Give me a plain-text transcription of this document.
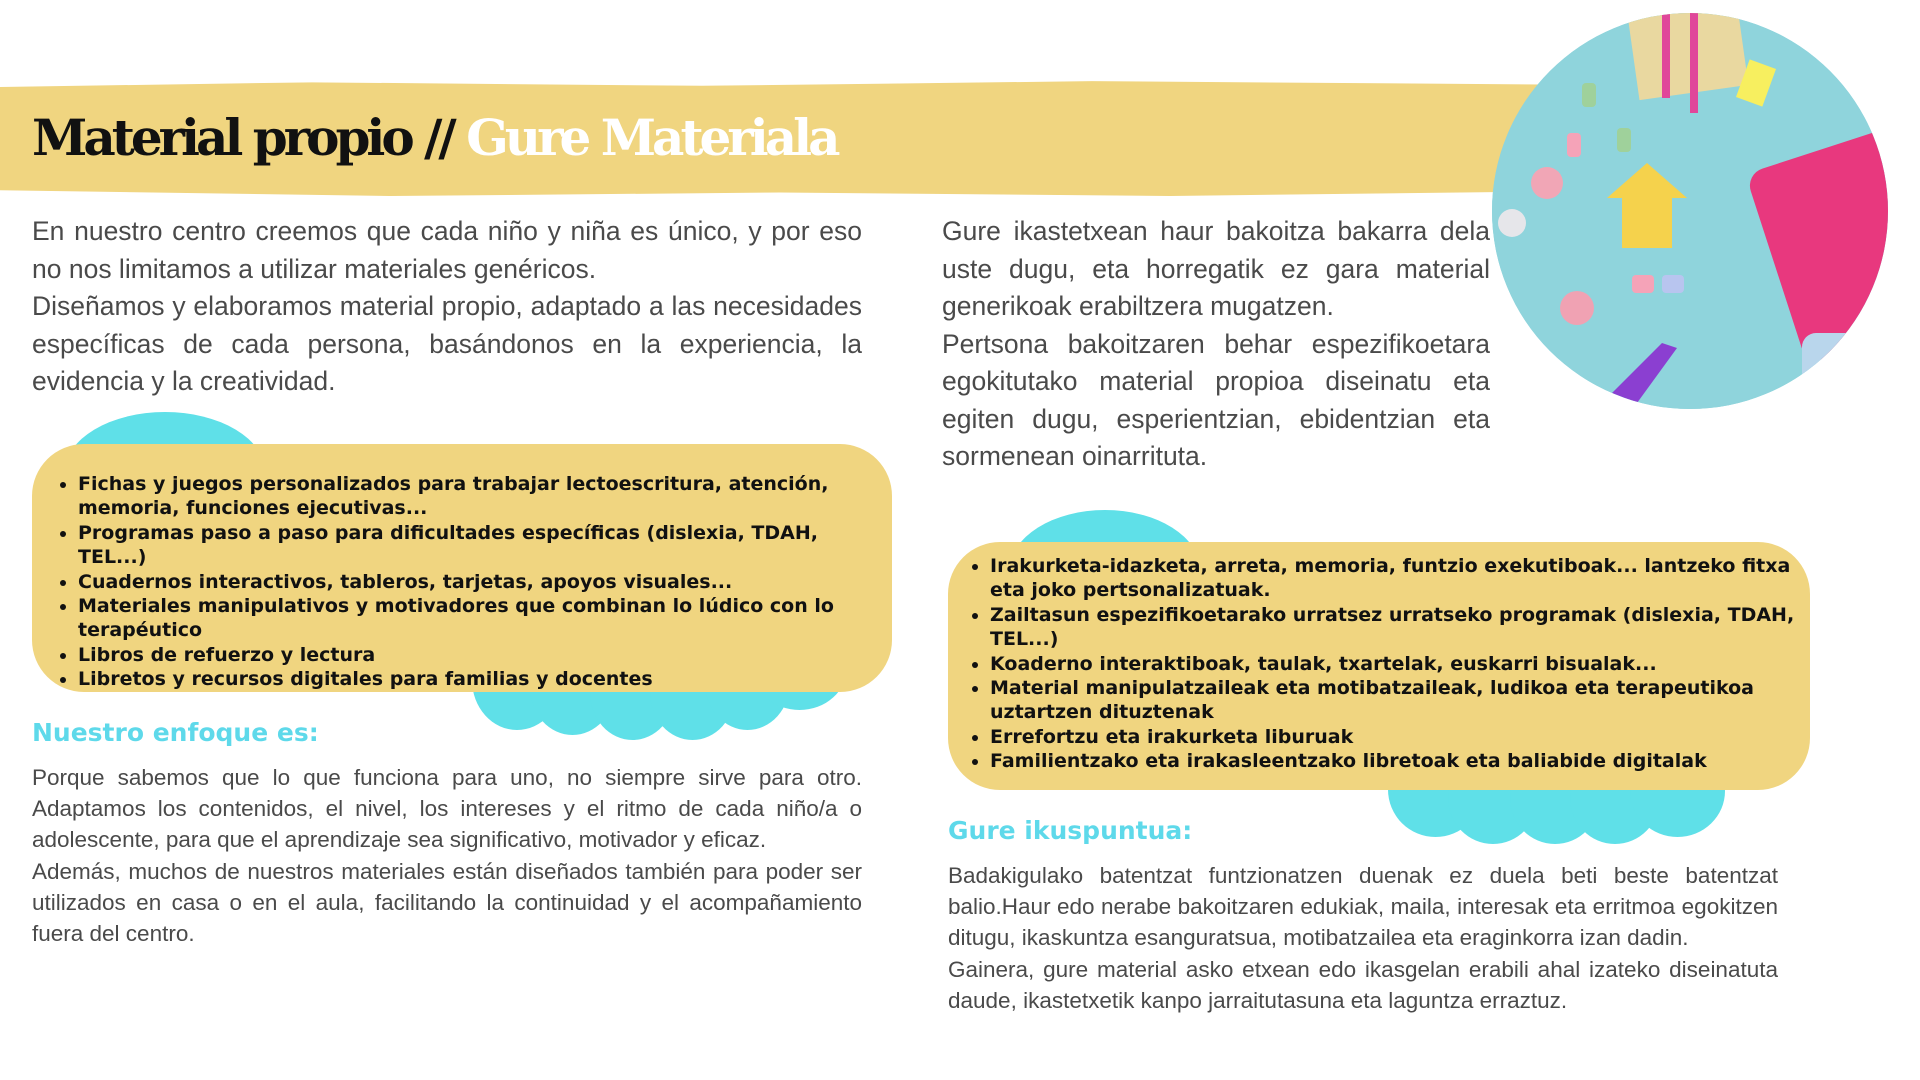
Material propio // Gure Materiala

En nuestro centro creemos que cada niño y niña es único, y por eso no nos limitamos a utilizar materiales genéricos.

Diseñamos y elaboramos material propio, adaptado a las necesidades específicas de cada persona, basándonos en la experiencia, la evidencia y la creatividad.

Gure ikastetxean haur bakoitza bakarra dela uste dugu, eta horregatik ez gara material generikoak erabiltzera mugatzen.

Pertsona bakoitzaren behar espezifikoetara egokitutako material propioa diseinatu eta egiten dugu, esperientzian, ebidentzian eta sormenean oinarrituta.

• Fichas y juegos personalizados para trabajar lectoescritura, atención, memoria, funciones ejecutivas...
• Programas paso a paso para dificultades específicas (dislexia, TDAH, TEL...)
• Cuadernos interactivos, tableros, tarjetas, apoyos visuales...
• Materiales manipulativos y motivadores que combinan lo lúdico con lo terapéutico
• Libros de refuerzo y lectura
• Libretos y recursos digitales para familias y docentes
• Irakurketa-idazketa, arreta, memoria, funtzio exekutiboak... lantzeko fitxa eta joko pertsonalizatuak.
• Zailtasun espezifikoetarako urratsez urratseko programak (dislexia, TDAH, TEL...)
• Koaderno interaktiboak, taulak, txartelak, euskarri bisualak...
• Material manipulatzaileak eta motibatzaileak, ludikoa eta terapeutikoa uztartzen dituztenak
• Errefortzu eta irakurketa liburuak
• Familientzako eta irakasleentzako libretoak eta baliabide digitalak
Nuestro enfoque es:

Porque sabemos que lo que funciona para uno, no siempre sirve para otro. Adaptamos los contenidos, el nivel, los intereses y el ritmo de cada niño/a o adolescente, para que el aprendizaje sea significativo, motivador y eficaz.

Además, muchos de nuestros materiales están diseñados también para poder ser utilizados en casa o en el aula, facilitando la continuidad y el acompañamiento fuera del centro.

Gure ikuspuntua:

Badakigulako batentzat funtzionatzen duenak ez duela beti beste batentzat balio.Haur edo nerabe bakoitzaren edukiak, maila, interesak eta erritmoa egokitzen ditugu, ikaskuntza esanguratsua, motibatzailea eta eraginkorra izan dadin.

Gainera, gure material asko etxean edo ikasgelan erabili ahal izateko diseinatuta daude, ikastetxetik kanpo jarraitutasuna eta laguntza erraztuz.
